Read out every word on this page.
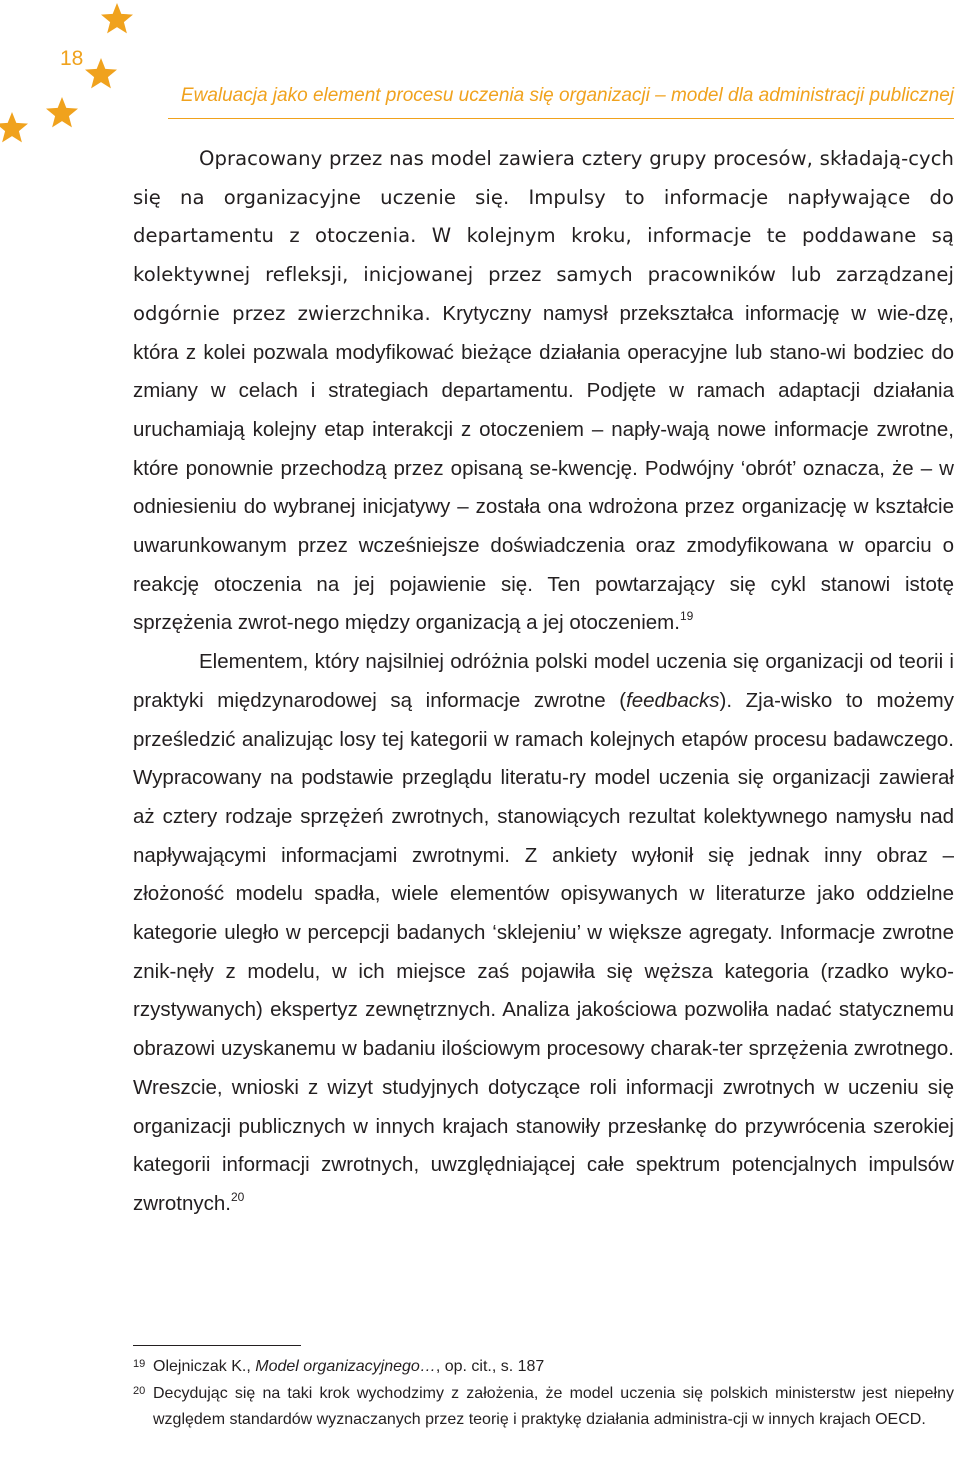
18
Ewaluacja jako element procesu uczenia się organizacji – model dla administracji publicznej

Opracowany przez nas model zawiera cztery grupy procesów, składają-cych się na organizacyjne uczenie się. Impulsy to informacje napływające do departamentu z otoczenia. W kolejnym kroku, informacje te poddawane są kolektywnej refleksji, inicjowanej przez samych pracowników lub zarządzanej odgórnie przez zwierzchnika. Krytyczny namysł przekształca informację w wie-dzę, która z kolei pozwala modyfikować bieżące działania operacyjne lub stano-wi bodziec do zmiany w celach i strategiach departamentu. Podjęte w ramach adaptacji działania uruchamiają kolejny etap interakcji z otoczeniem – napły-wają nowe informacje zwrotne, które ponownie przechodzą przez opisaną se-kwencję. Podwójny ‘obrót’ oznacza, że – w odniesieniu do wybranej inicjatywy – została ona wdrożona przez organizację w kształcie uwarunkowanym przez wcześniejsze doświadczenia oraz zmodyfikowana w oparciu o reakcję otoczenia na jej pojawienie się. Ten powtarzający się cykl stanowi istotę sprzężenia zwrot-nego między organizacją a jej otoczeniem.$^{19}$

Elementem, który najsilniej odróżnia polski model uczenia się organizacji od teorii i praktyki międzynarodowej są informacje zwrotne (feedbacks). Zja-wisko to możemy prześledzić analizując losy tej kategorii w ramach kolejnych etapów procesu badawczego. Wypracowany na podstawie przeglądu literatu-ry model uczenia się organizacji zawierał aż cztery rodzaje sprzężeń zwrotnych, stanowiących rezultat kolektywnego namysłu nad napływającymi informacjami zwrotnymi. Z ankiety wyłonił się jednak inny obraz – złożoność modelu spadła, wiele elementów opisywanych w literaturze jako oddzielne kategorie uległo w percepcji badanych ‘sklejeniu’ w większe agregaty. Informacje zwrotne znik-nęły z modelu, w ich miejsce zaś pojawiła się węższa kategoria (rzadko wyko-rzystywanych) ekspertyz zewnętrznych. Analiza jakościowa pozwoliła nadać statycznemu obrazowi uzyskanemu w badaniu ilościowym procesowy charak-ter sprzężenia zwrotnego. Wreszcie, wnioski z wizyt studyjnych dotyczące roli informacji zwrotnych w uczeniu się organizacji publicznych w innych krajach stanowiły przesłankę do przywrócenia szerokiej kategorii informacji zwrotnych, uwzględniającej całe spektrum potencjalnych impulsów zwrotnych.$^{20}$

19 Olejniczak K., Model organizacyjnego…, op. cit., s. 187
20 Decydując się na taki krok wychodzimy z założenia, że model uczenia się polskich ministerstw jest niepełny względem standardów wyznaczanych przez teorię i praktykę działania administra-cji w innych krajach OECD.
